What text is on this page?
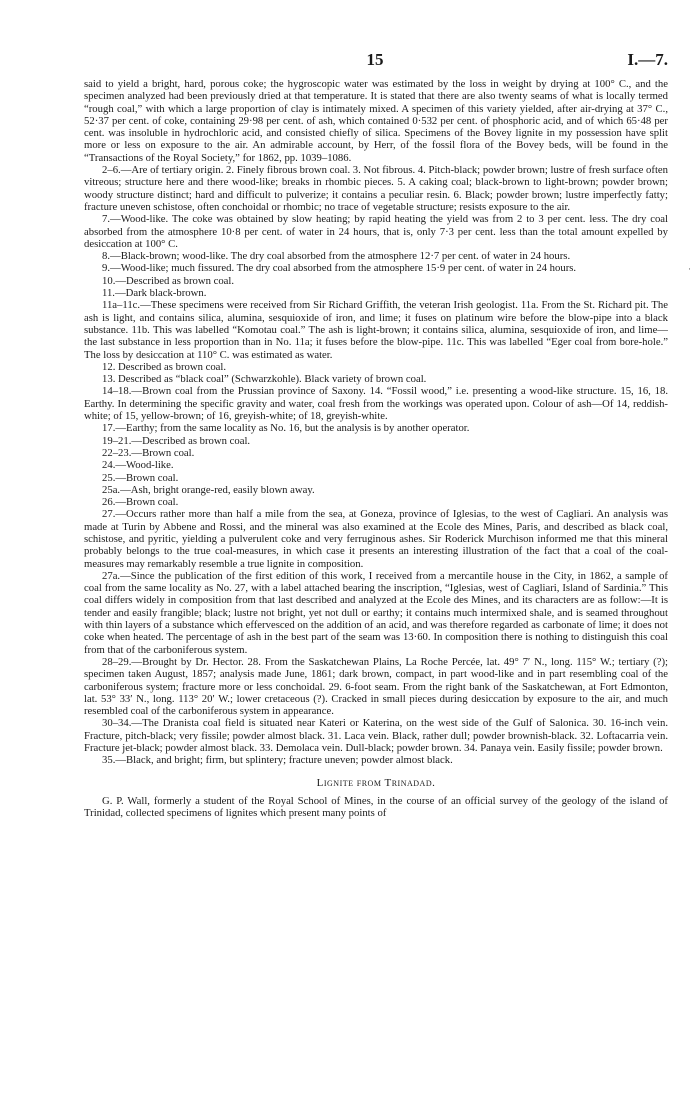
15	I.—7.
·

said to yield a bright, hard, porous coke; the hygroscopic water was estimated by the loss in weight by drying at 100° C., and the specimen analyzed had been previously dried at that temperature. It is stated that there are also twenty seams of what is locally termed “rough coal,” with which a large proportion of clay is intimately mixed. A specimen of this variety yielded, after air-drying at 37° C., 52·37 per cent. of coke, containing 29·98 per cent. of ash, which contained 0·532 per cent. of phosphoric acid, and of which 65·48 per cent. was insoluble in hydrochloric acid, and consisted chiefly of silica. Specimens of the Bovey lignite in my possession have split more or less on exposure to the air. An admirable account, by Herr, of the fossil flora of the Bovey beds, will be found in the “Transactions of the Royal Society,” for 1862, pp. 1039–1086.

2–6.—Are of tertiary origin. 2. Finely fibrous brown coal. 3. Not fibrous. 4. Pitch-black; powder brown; lustre of fresh surface often vitreous; structure here and there wood-like; breaks in rhombic pieces. 5. A caking coal; black-brown to light-brown; powder brown; woody structure distinct; hard and difficult to pulverize; it contains a peculiar resin. 6. Black; powder brown; lustre imperfectly fatty; fracture uneven schistose, often conchoidal or rhombic; no trace of vegetable structure; resists exposure to the air.

7.—Wood-like. The coke was obtained by slow heating; by rapid heating the yield was from 2 to 3 per cent. less. The dry coal absorbed from the atmosphere 10·8 per cent. of water in 24 hours, that is, only 7·3 per cent. less than the total amount expelled by desiccation at 100° C.

8.—Black-brown; wood-like. The dry coal absorbed from the atmosphere 12·7 per cent. of water in 24 hours.

9.—Wood-like; much fissured. The dry coal absorbed from the atmosphere 15·9 per cent. of water in 24 hours.

10.—Described as brown coal.

11.—Dark black-brown.

11a–11c.—These specimens were received from Sir Richard Griffith, the veteran Irish geologist. 11a. From the St. Richard pit. The ash is light, and contains silica, alumina, sesquioxide of iron, and lime; it fuses on platinum wire before the blow-pipe into a black substance. 11b. This was labelled “Komotau coal.” The ash is light-brown; it contains silica, alumina, sesquioxide of iron, and lime—the last substance in less proportion than in No. 11a; it fuses before the blow-pipe. 11c. This was labelled “Eger coal from bore-hole.” The loss by desiccation at 110° C. was estimated as water.

12. Described as brown coal.

13. Described as “black coal” (Schwarzkohle). Black variety of brown coal.

14–18.—Brown coal from the Prussian province of Saxony. 14. “Fossil wood,” i.e. presenting a wood-like structure. 15, 16, 18. Earthy. In determining the specific gravity and water, coal fresh from the workings was operated upon. Colour of ash—Of 14, reddish-white; of 15, yellow-brown; of 16, greyish-white; of 18, greyish-white.

17.—Earthy; from the same locality as No. 16, but the analysis is by another operator.

19–21.—Described as brown coal.

22–23.—Brown coal.

24.—Wood-like.

25.—Brown coal.

25a.—Ash, bright orange-red, easily blown away.

26.—Brown coal.

27.—Occurs rather more than half a mile from the sea, at Goneza, province of Iglesias, to the west of Cagliari. An analysis was made at Turin by Abbene and Rossi, and the mineral was also examined at the Ecole des Mines, Paris, and described as black coal, schistose, and pyritic, yielding a pulverulent coke and very ferruginous ashes. Sir Roderick Murchison informed me that this mineral probably belongs to the true coal-measures, in which case it presents an interesting illustration of the fact that a coal of the coal-measures may remarkably resemble a true lignite in composition.

27a.—Since the publication of the first edition of this work, I received from a mercantile house in the City, in 1862, a sample of coal from the same locality as No. 27, with a label attached bearing the inscription, “Iglesias, west of Cagliari, Island of Sardinia.” This coal differs widely in composition from that last described and analyzed at the Ecole des Mines, and its characters are as follow:—It is tender and easily frangible; black; lustre not bright, yet not dull or earthy; it contains much intermixed shale, and is seamed throughout with thin layers of a substance which effervesced on the addition of an acid, and was therefore regarded as carbonate of lime; it does not coke when heated. The percentage of ash in the best part of the seam was 13·60. In composition there is nothing to distinguish this coal from that of the carboniferous system.

28–29.—Brought by Dr. Hector. 28. From the Saskatchewan Plains, La Roche Percée, lat. 49° 7′ N., long. 115° W.; tertiary (?); specimen taken August, 1857; analysis made June, 1861; dark brown, compact, in part wood-like and in part resembling coal of the carboniferous system; fracture more or less conchoidal. 29. 6-foot seam. From the right bank of the Saskatchewan, at Fort Edmonton, lat. 53° 33′ N., long. 113° 20′ W.; lower cretaceous (?). Cracked in small pieces during desiccation by exposure to the air, and much resembled coal of the carboniferous system in appearance.

30–34.—The Dranista coal field is situated near Kateri or Katerina, on the west side of the Gulf of Salonica. 30. 16-inch vein. Fracture, pitch-black; very fissile; powder almost black. 31. Laca vein. Black, rather dull; powder brownish-black. 32. Loftacarria vein. Fracture jet-black; powder almost black. 33. Demolaca vein. Dull-black; powder brown. 34. Panaya vein. Easily fissile; powder brown.

35.—Black, and bright; firm, but splintery; fracture uneven; powder almost black.

Lignite from Trinadad.

G. P. Wall, formerly a student of the Royal School of Mines, in the course of an official survey of the geology of the island of Trinidad, collected specimens of lignites which present many points of
